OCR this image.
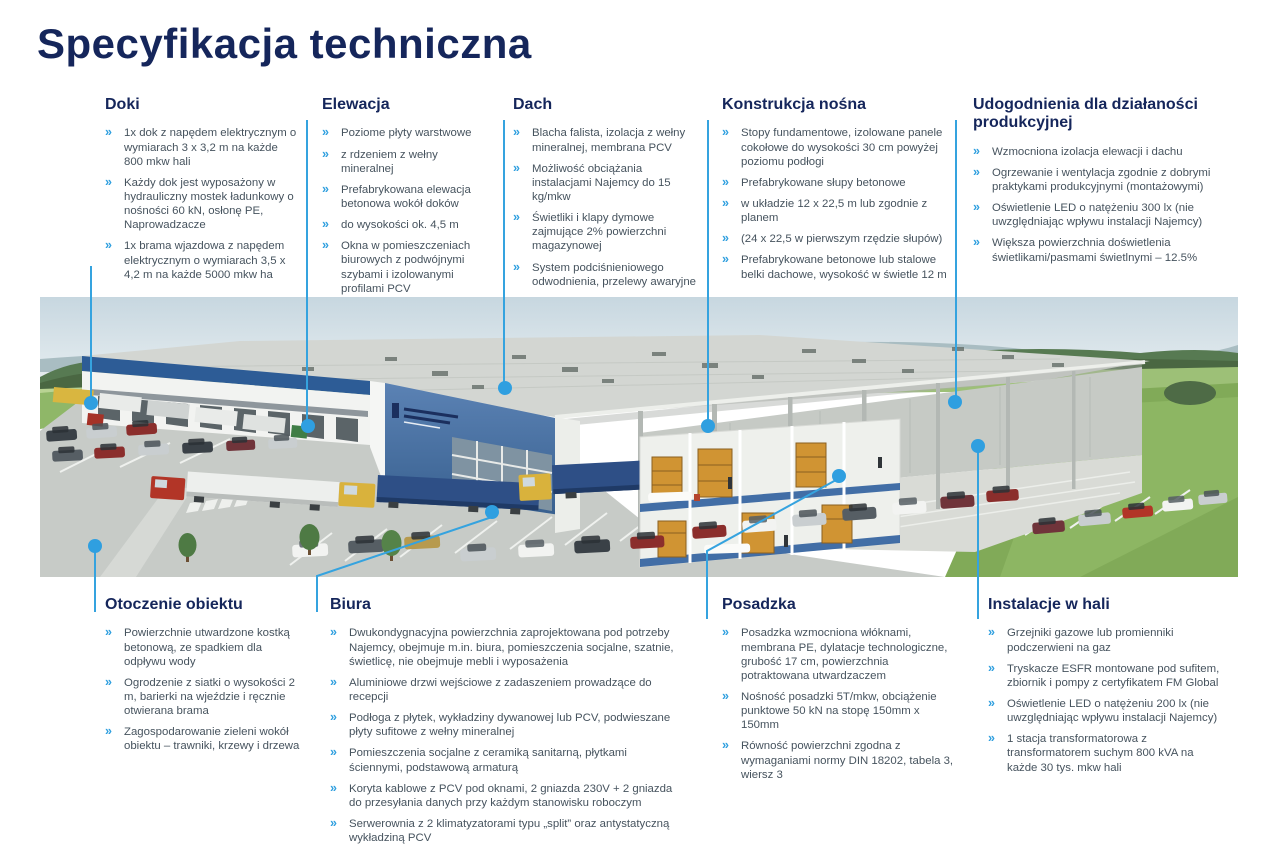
Specyfikacja techniczna
Doki
» 1x dok z napędem elektrycznym o wymiarach 3 x 3,2 m na każde 800 mkw hali
» Każdy dok jest wyposażony w hydrauliczny mostek ładunkowy o nośności 60 kN, osłonę PE, Naprowadzacze
» 1x brama wjazdowa z napędem elektrycznym o wymiarach 3,5 x 4,2 m na każde 5000 mkw ha
Elewacja
» Poziome płyty warstwowe
» z rdzeniem z wełny mineralnej
» Prefabrykowana elewacja betonowa wokół doków
» do wysokości ok. 4,5 m
» Okna w pomieszczeniach biurowych z podwójnymi szybami i izolowanymi profilami PCV
Dach
» Blacha falista, izolacja z wełny mineralnej, membrana PCV
» Możliwość obciążania instalacjami Najemcy do 15 kg/mkw
» Świetliki i klapy dymowe zajmujące 2% powierzchni magazynowej
» System podciśnieniowego odwodnienia, przelewy awaryjne
Konstrukcja nośna
» Stopy fundamentowe, izolowane panele cokołowe do wysokości 30 cm powyżej poziomu podłogi
» Prefabrykowane słupy betonowe
» w układzie 12 x 22,5 m lub zgodnie z planem
» (24 x 22,5 w pierwszym rzędzie słupów)
» Prefabrykowane betonowe lub stalowe belki dachowe, wysokość w świetle 12 m
Udogodnienia dla działaności produkcyjnej
» Wzmocniona izolacja elewacji i dachu
» Ogrzewanie i wentylacja zgodnie z dobrymi praktykami produkcyjnymi (montażowymi)
» Oświetlenie LED o natężeniu 300 lx (nie uwzględniając wpływu instalacji Najemcy)
» Większa powierzchnia doświetlenia świetlikami/pasmami świetlnymi – 12.5%
Otoczenie obiektu
» Powierzchnie utwardzone kostką betonową, ze spadkiem dla odpływu wody
» Ogrodzenie z siatki o wysokości 2 m, barierki na wjeździe i ręcznie otwierana brama
» Zagospodarowanie zieleni wokół obiektu – trawniki, krzewy i drzewa
Biura
» Dwukondygnacyjna powierzchnia zaprojektowana pod potrzeby Najemcy, obejmuje m.in. biura, pomieszczenia socjalne, szatnie, świetlicę, nie obejmuje mebli i wyposażenia
» Aluminiowe drzwi wejściowe z zadaszeniem prowadzące do recepcji
» Podłoga z płytek, wykładziny dywanowej lub PCV, podwieszane płyty sufitowe z wełny mineralnej
» Pomieszczenia socjalne z ceramiką sanitarną, płytkami ściennymi, podstawową armaturą
» Koryta kablowe z PCV pod oknami, 2 gniazda 230V + 2 gniazda do przesyłania danych przy każdym stanowisku roboczym
» Serwerownia z 2 klimatyzatorami typu „split” oraz antystatyczną wykładziną PCV
Posadzka
» Posadzka wzmocniona włóknami, membrana PE, dylatacje technologiczne, grubość 17 cm, powierzchnia potraktowana utwardzaczem
» Nośność posadzki 5T/mkw, obciążenie punktowe 50 kN na stopę 150mm x 150mm
» Równość powierzchni zgodna z wymaganiami normy DIN 18202, tabela 3, wiersz 3
Instalacje w hali
» Grzejniki gazowe lub promienniki podczerwieni na gaz
» Tryskacze ESFR montowane pod sufitem, zbiornik i pompy z certyfikatem FM Global
» Oświetlenie LED o natężeniu 200 lx (nie uwzględniając wpływu instalacji Najemcy)
» 1 stacja transformatorowa z transformatorem suchym 800 kVA na każde 30 tys. mkw hali
